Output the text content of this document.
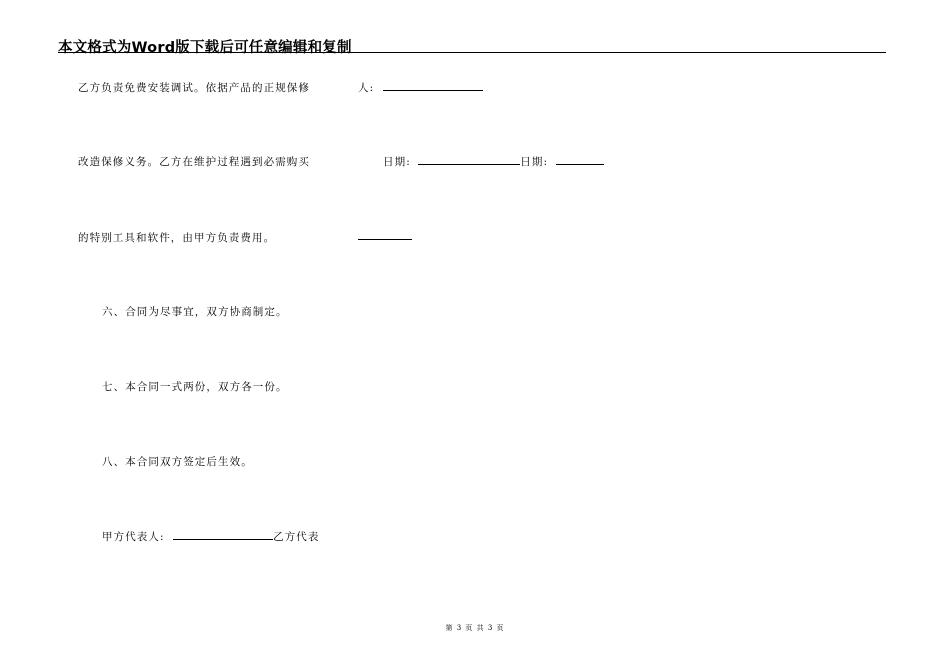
本文格式为Word版下载后可任意编辑和复制
乙方负责免费安装调试。依据产品的正规保修	人:
改造保修义务。乙方在维护过程遇到必需购买	日期:	日期:
的特别工具和软件，由甲方负责费用。
六、合同为尽事宜，双方协商制定。
七、本合同一式两份，双方各一份。
八、本合同双方签定后生效。
甲方代表人:	乙方代表
第 3 页 共 3 页
